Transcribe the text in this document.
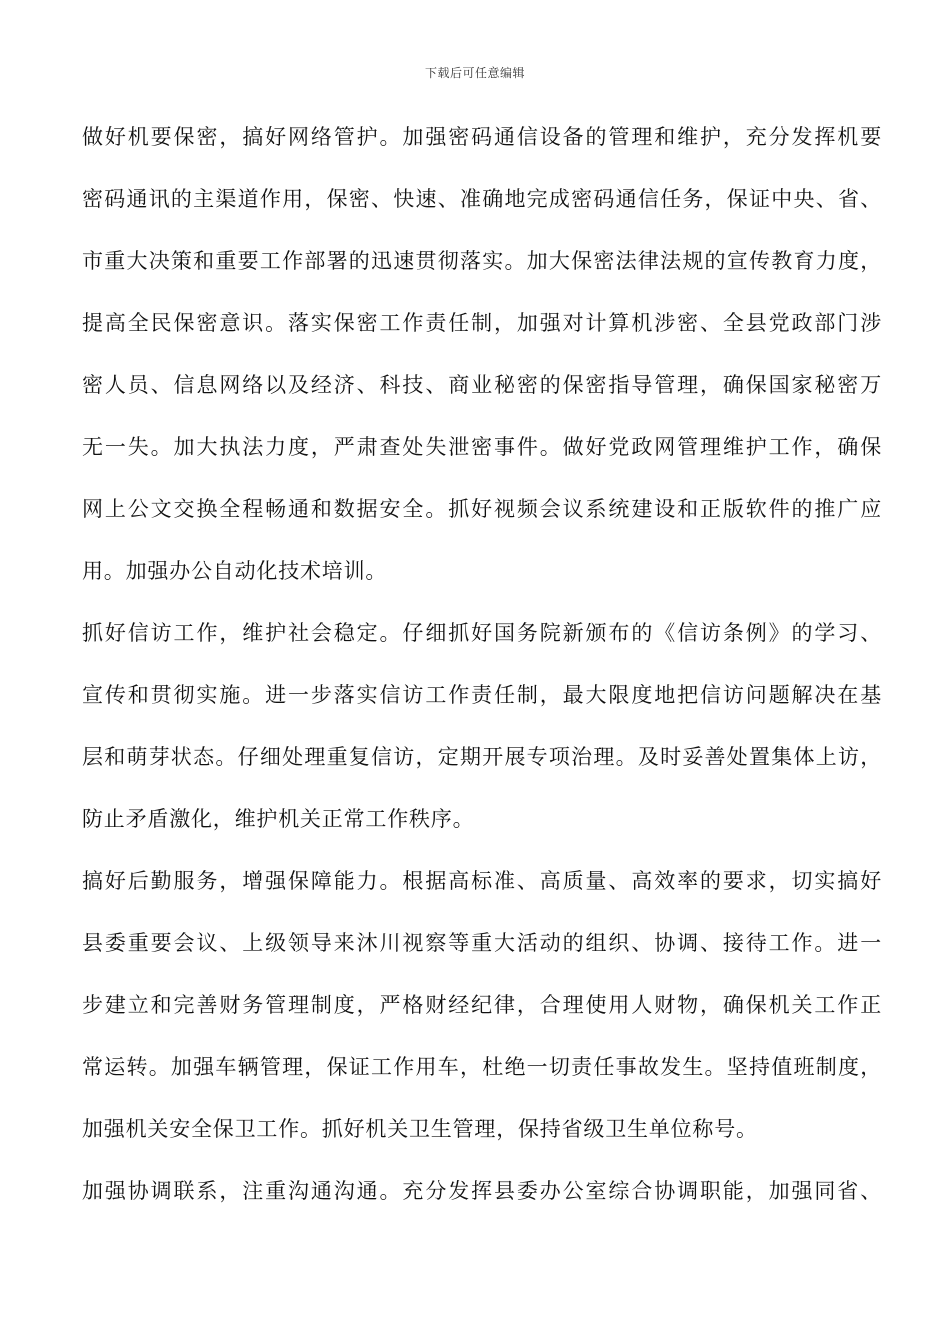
下载后可任意编辑
做好机要保密，搞好网络管护。加强密码通信设备的管理和维护，充分发挥机要
密码通讯的主渠道作用，保密、快速、准确地完成密码通信任务，保证中央、省、
市重大决策和重要工作部署的迅速贯彻落实。加大保密法律法规的宣传教育力度，
提高全民保密意识。落实保密工作责任制，加强对计算机涉密、全县党政部门涉
密人员、信息网络以及经济、科技、商业秘密的保密指导管理，确保国家秘密万
无一失。加大执法力度，严肃查处失泄密事件。做好党政网管理维护工作，确保
网上公文交换全程畅通和数据安全。抓好视频会议系统建设和正版软件的推广应
用。加强办公自动化技术培训。
抓好信访工作，维护社会稳定。仔细抓好国务院新颁布的《信访条例》的学习、
宣传和贯彻实施。进一步落实信访工作责任制，最大限度地把信访问题解决在基
层和萌芽状态。仔细处理重复信访，定期开展专项治理。及时妥善处置集体上访，
防止矛盾激化，维护机关正常工作秩序。
搞好后勤服务，增强保障能力。根据高标准、高质量、高效率的要求，切实搞好
县委重要会议、上级领导来沐川视察等重大活动的组织、协调、接待工作。进一
步建立和完善财务管理制度，严格财经纪律，合理使用人财物，确保机关工作正
常运转。加强车辆管理，保证工作用车，杜绝一切责任事故发生。坚持值班制度，
加强机关安全保卫工作。抓好机关卫生管理，保持省级卫生单位称号。
加强协调联系，注重沟通沟通。充分发挥县委办公室综合协调职能，加强同省、
